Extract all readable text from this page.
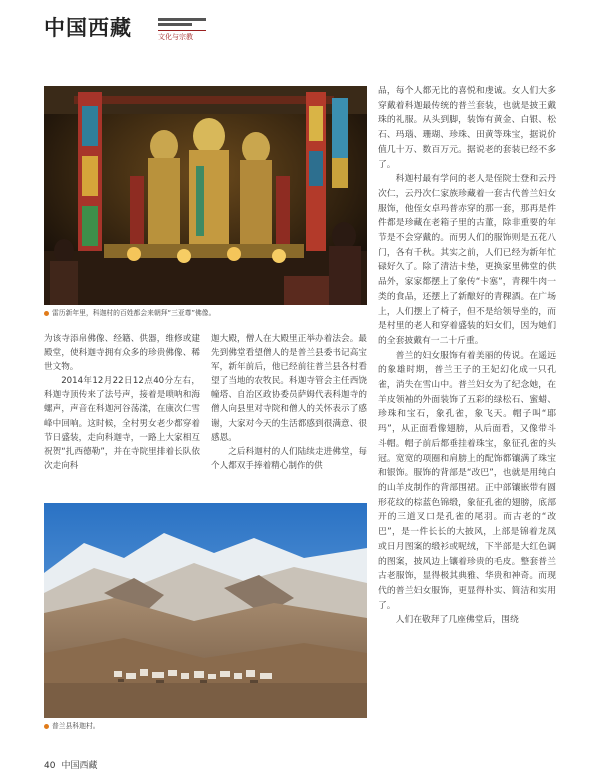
中国西藏	文化与宗教
雷历新年里，科迦村的百姓都会来朝拜“三亚尊”佛像。

为该寺添帛佛像、经籍、供器，维修或建殿堂，使科迦寺拥有众多的珍贵佛像、稀世文物。

2014年12月22日12点40分左右，科迦寺顶传来了法号声，接着是唢呐和海螺声，声音在科迦河谷荡漾，在康次仁雪峰中回响。这时候，全村男女老少都穿着节日盛装，走向科迦寺，一路上大家相互祝贺“扎西德勒”，并在寺院里排着长队依次走向科

迦大殿，僧人在大殿里正举办着法会。最先到佛堂看望僧人的是普兰县委书记高宝军，新年前后，他已经前往普兰县各村看望了当地的农牧民。科迦寺管会主任西饶幢塔、自治区政协委员萨姆代表科迦寺的僧人向县里对寺院和僧人的关怀表示了感谢，大家对今天的生活都感到很满意、很感恩。

之后科迦村的人们陆续走进佛堂，每个人都双手捧着精心制作的供

品，每个人都无比的喜悦和虔诚。女人们大多穿戴着科迦最传统的普兰套装，也就是披王戴珠的礼服。从头到脚，装饰有黄金、白银、松石、玛瑙、珊瑚、珍珠、田黄等珠宝，据说价值几十万、数百万元。据说老的套装已经不多了。

科迦村最有学问的老人是侄院士登和云丹次仁，云丹次仁家族珍藏着一套古代普兰妇女服饰，他侄女卓玛普赤穿的那一套，那再是件件都是珍藏在老箱子里的古董，除非重要的年节是不会穿戴的。而男人们的服饰则是五花八门，各有千秋。其实之前，人们已经为新年忙碌好久了。除了清洁卡垫，更换家里佛堂的供品外，家家都摆上了象传“卡塞”，青稞牛肉一类的食品，还摆上了新酿好的青稞酒。在广场上，人们摆上了椅子，但不是给领导坐的，而是村里的老人和穿着盛装的妇女们，因为她们的全套披戴有一二十斤重。

普兰的妇女服饰有着美丽的传说。在遥远的象雄时期，普兰王子的王妃幻化成一只孔雀，消失在雪山中。普兰妇女为了纪念她，在羊皮领袖的外面装饰了五彩的绿松石、蜜蜡、珍珠和宝石，象孔雀，象飞天。帽子叫“耶玛”，从正面看像翅膀，从后面看，又像带斗斗帽。帽子前后都垂挂着珠宝，象征孔雀的头冠。宽宽的项圈和肩膀上的配饰都镶满了珠宝和银饰。服饰的背部是“改巴”，也就是用纯白的山羊皮制作的背部围裙。正中部镶嵌带有圆形花纹的棕蓝色锦缎，象征孔雀的翅膀，底部开的三道叉口是孔雀的尾羽。而古老的“改巴”，是一件长长的大披风，上部是锦着龙凤或日月图案的缎衫或呢绒，下半部是大红色调的图案，披风边上镶着珍贵的毛皮。整套普兰古老服饰，显得极其典雅、华贵和神奇。而现代的普兰妇女服饰，更显得朴实、简洁和实用了。

人们在敬拜了几座佛堂后，围绕

普兰县科迦村。
40 中国西藏
